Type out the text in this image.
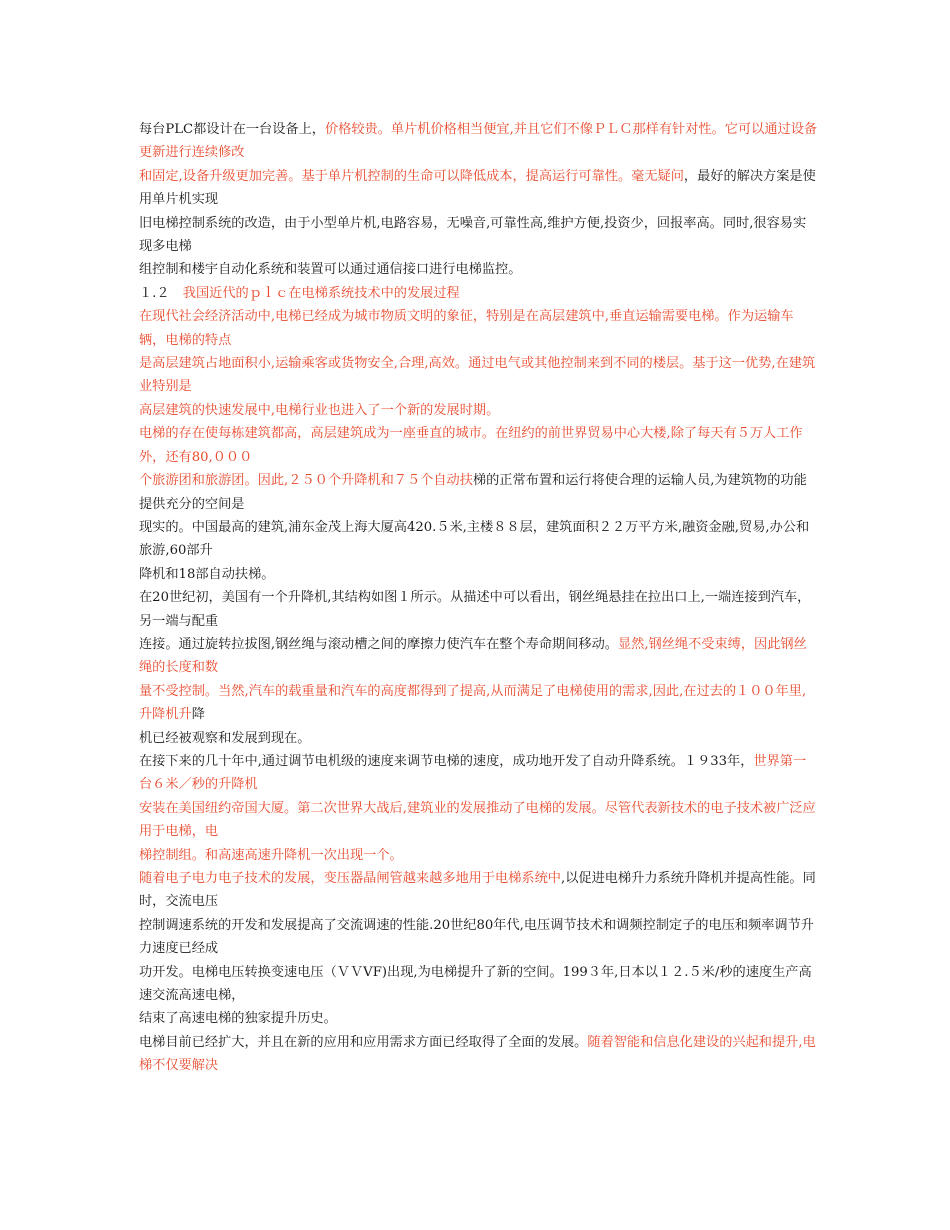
每台PLC都设计在一台设备上，价格较贵。单片机价格相当便宜,并且它们不像ＰＬＣ那样有针对性。它可以通过设备更新进行连续修改

和固定,设备升级更加完善。基于单片机控制的生命可以降低成本，提高运行可靠性。毫无疑问，最好的解决方案是使用单片机实现

旧电梯控制系统的改造，由于小型单片机,电路容易，无噪音,可靠性高,维护方便,投资少，回报率高。同时,很容易实现多电梯

组控制和楼宇自动化系统和装置可以通过通信接口进行电梯监控。

１.２　我国近代的ｐｌｃ在电梯系统技术中的发展过程

在现代社会经济活动中,电梯已经成为城市物质文明的象征，特别是在高层建筑中,垂直运输需要电梯。作为运输车辆，电梯的特点

是高层建筑占地面积小,运输乘客或货物安全,合理,高效。通过电气或其他控制来到不同的楼层。基于这一优势,在建筑业特别是

高层建筑的快速发展中,电梯行业也进入了一个新的发展时期。

电梯的存在使每栋建筑都高，高层建筑成为一座垂直的城市。在纽约的前世界贸易中心大楼,除了每天有５万人工作外，还有80,０００

个旅游团和旅游团。因此,２５０个升降机和７５个自动扶梯的正常布置和运行将使合理的运输人员,为建筑物的功能提供充分的空间是

现实的。中国最高的建筑,浦东金茂上海大厦高420.５米,主楼８８层，建筑面积２２万平方米,融资金融,贸易,办公和旅游,60部升

降机和18部自动扶梯。

在20世纪初，美国有一个升降机,其结构如图１所示。从描述中可以看出，钢丝绳悬挂在拉出口上,一端连接到汽车，另一端与配重

连接。通过旋转拉拔图,钢丝绳与滚动槽之间的摩擦力使汽车在整个寿命期间移动。显然,钢丝绳不受束缚，因此钢丝绳的长度和数

量不受控制。当然,汽车的载重量和汽车的高度都得到了提高,从而满足了电梯使用的需求,因此,在过去的１００年里,升降机升降

机已经被观察和发展到现在。

在接下来的几十年中,通过调节电机级的速度来调节电梯的速度，成功地开发了自动升降系统。１９33年，世界第一台６米／秒的升降机

安装在美国纽约帝国大厦。第二次世界大战后,建筑业的发展推动了电梯的发展。尽管代表新技术的电子技术被广泛应用于电梯，电

梯控制组。和高速高速升降机一次出现一个。

随着电子电力电子技术的发展，变压器晶闸管越来越多地用于电梯系统中,以促进电梯升力系统升降机并提高性能。同时，交流电压

控制调速系统的开发和发展提高了交流调速的性能.20世纪80年代,电压调节技术和调频控制定子的电压和频率调节升力速度已经成

功开发。电梯电压转换变速电压（ＶＶVF)出现,为电梯提升了新的空间。199３年,日本以１２.５米/秒的速度生产高速交流高速电梯，

结束了高速电梯的独家提升历史。

电梯目前已经扩大，并且在新的应用和应用需求方面已经取得了全面的发展。随着智能和信息化建设的兴起和提升,电梯不仅要解决
